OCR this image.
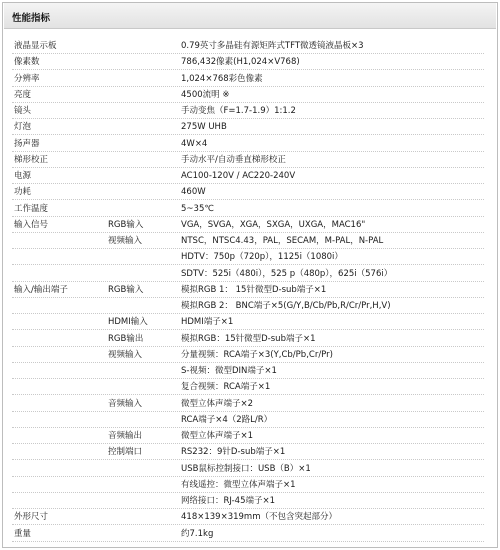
性能指标
液晶显示板	0.79英寸多晶硅有源矩阵式TFT微透镜液晶板×3
像素数	786,432像素(H1,024×V768)
分辨率	1,024×768彩色像素
亮度	4500流明 ※
镜头	手动变焦（F=1.7-1.9）1:1.2
灯泡	275W UHB
扬声器	4W×4
梯形校正	手动水平/自动垂直梯形校正
电源	AC100-120V / AC220-240V
功耗	460W
工作温度	5~35℃
输入信号	RGB输入	VGA，SVGA，XGA，SXGA，UXGA，MAC16"
视频输入	NTSC，NTSC4.43，PAL，SECAM，M-PAL，N-PAL
HDTV：750p（720p），1125i（1080i）
SDTV：525i（480i），525 p（480p），625i（576i）
输入/输出端子	RGB输入	模拟RGB 1： 15针微型D-sub端子×1
模拟RGB 2： BNC端子×5(G/Y,B/Cb/Pb,R/Cr/Pr,H,V)
HDMI输入	HDMI端子×1
RGB输出	模拟RGB：15针微型D-sub端子×1
视频输入	分量视频：RCA端子×3(Y,Cb/Pb,Cr/Pr)
S-视频：微型DIN端子×1
复合视频：RCA端子×1
音频输入	微型立体声端子×2
RCA端子×4（2路L/R）
音频输出	微型立体声端子×1
控制端口	RS232：9针D-sub端子×1
USB鼠标控制接口：USB（B）×1
有线遥控：微型立体声端子×1
网络接口：RJ-45端子×1
外形尺寸	418×139×319mm（不包含突起部分）
重量	约7.1kg
